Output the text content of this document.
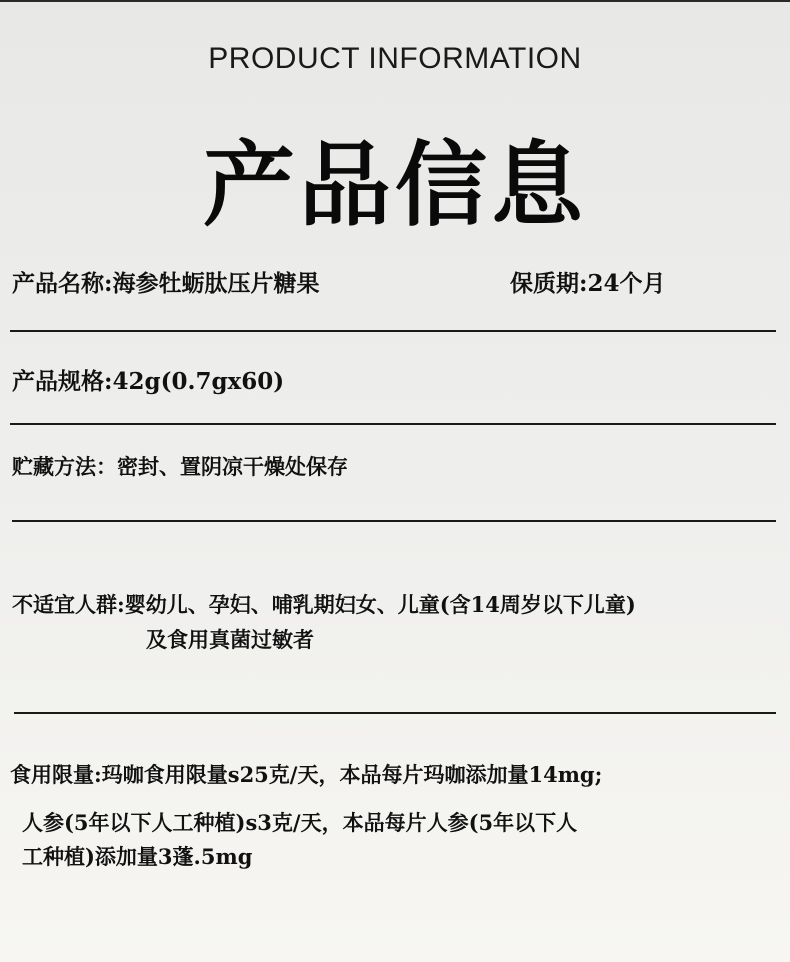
PRODUCT INFORMATION
产品信息
产品名称:海参牡蛎肽压片糖果	保质期:24个月
产品规格:42g(0.7gx60)
贮藏方法：密封、置阴凉干燥处保存
不适宜人群:婴幼儿、孕妇、哺乳期妇女、儿童(含14周岁以下儿童)
及食用真菌过敏者
食用限量:玛咖食用限量s25克/天，本品每片玛咖添加量14mg;
人参(5年以下人工种植)s3克/天，本品每片人参(5年以下人
工种植)添加量3蓬.5mg
